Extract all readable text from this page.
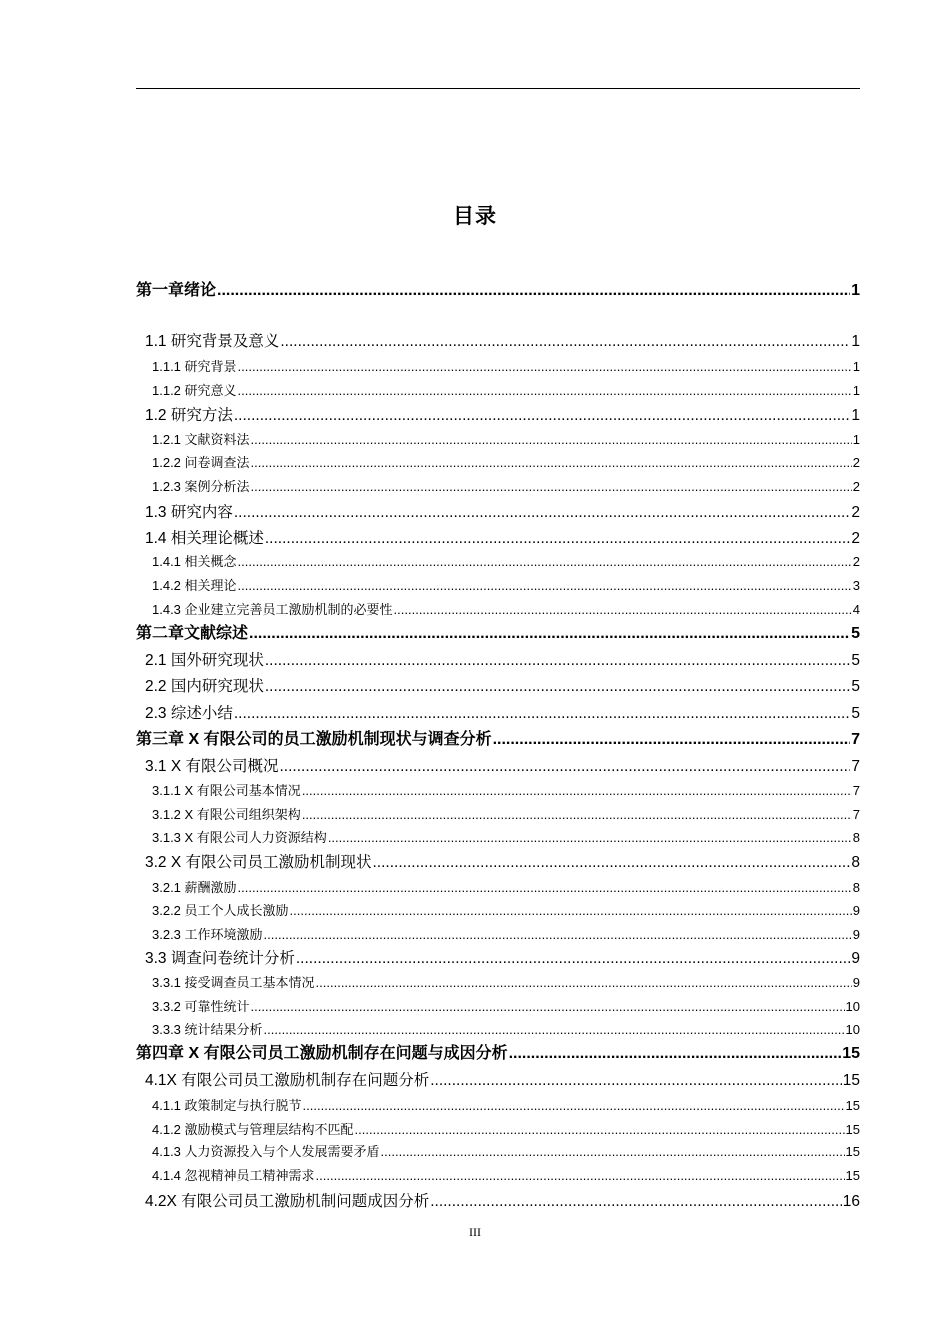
目录
第一章绪论 .....	1
1.1 研究背景及意义 .....	1
1.1.1 研究背景 .....	1
1.1.2 研究意义 .....	1
1.2 研究方法 .....	1
1.2.1 文献资料法 .....	1
1.2.2 问卷调查法 .....	2
1.2.3 案例分析法 .....	2
1.3 研究内容 .....	2
1.4 相关理论概述 .....	2
1.4.1 相关概念 .....	2
1.4.2 相关理论 .....	3
1.4.3 企业建立完善员工激励机制的必要性 .....	4
第二章文献综述 .....	5
2.1 国外研究现状 .....	5
2.2 国内研究现状 .....	5
2.3 综述小结 .....	5
第三章 X 有限公司的员工激励机制现状与调查分析 .....	7
3.1 X 有限公司概况 .....	7
3.1.1 X 有限公司基本情况 .....	7
3.1.2 X 有限公司组织架构 .....	7
3.1.3 X 有限公司人力资源结构 .....	8
3.2 X 有限公司员工激励机制现状 .....	8
3.2.1 薪酬激励 .....	8
3.2.2 员工个人成长激励 .....	9
3.2.3 工作环境激励 .....	9
3.3 调查问卷统计分析 .....	9
3.3.1 接受调查员工基本情况 .....	9
3.3.2 可靠性统计 .....	10
3.3.3 统计结果分析 .....	10
第四章 X 有限公司员工激励机制存在问题与成因分析 .....	15
4.1X 有限公司员工激励机制存在问题分析 .....	15
4.1.1 政策制定与执行脱节 .....	15
4.1.2 激励模式与管理层结构不匹配 .....	15
4.1.3 人力资源投入与个人发展需要矛盾 .....	15
4.1.4 忽视精神员工精神需求 .....	15
4.2X 有限公司员工激励机制问题成因分析 .....	16
III
